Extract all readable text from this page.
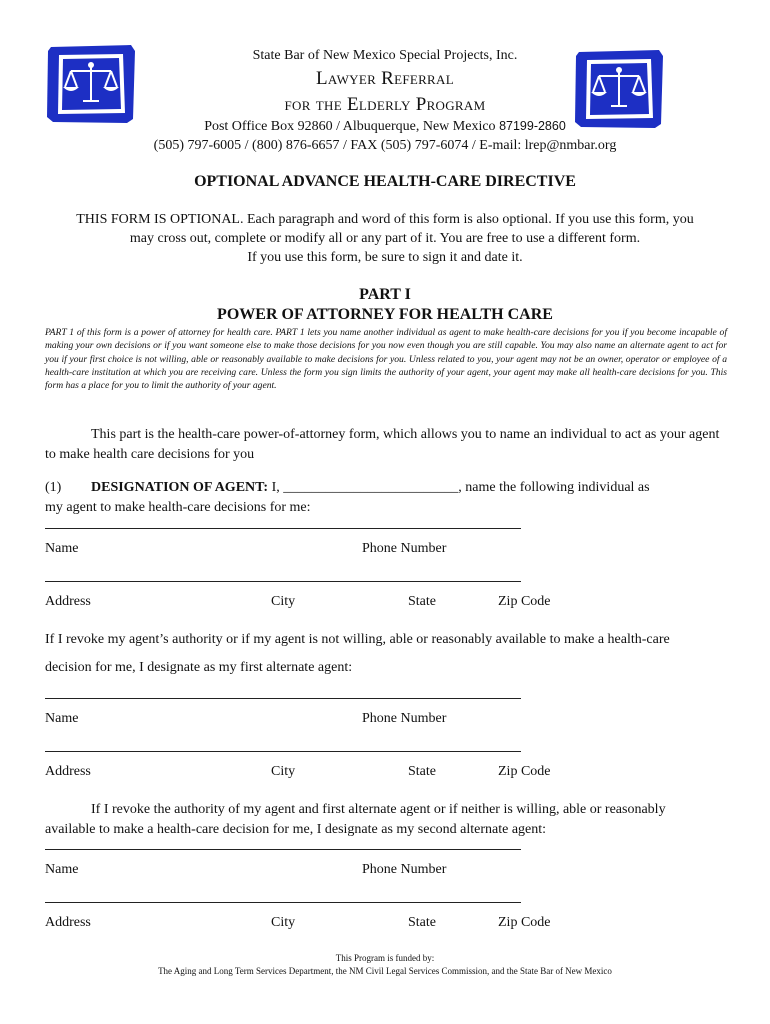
State Bar of New Mexico Special Projects, Inc.
Lawyer Referral
for the Elderly Program
Post Office Box 92860 / Albuquerque, New Mexico 87199-2860
(505) 797-6005 / (800) 876-6657 / FAX (505) 797-6074 / E-mail: lrep@nmbar.org
OPTIONAL ADVANCE HEALTH-CARE DIRECTIVE
THIS FORM IS OPTIONAL. Each paragraph and word of this form is also optional. If you use this form, you
may cross out, complete or modify all or any part of it. You are free to use a different form.
If you use this form, be sure to sign it and date it.
PART I
POWER OF ATTORNEY FOR HEALTH CARE
PART 1 of this form is a power of attorney for health care. PART 1 lets you name another individual as agent to make health-care decisions for you if you become incapable of making your own decisions or if you want someone else to make those decisions for you now even though you are still capable. You may also name an alternate agent to act for you if your first choice is not willing, able or reasonably available to make decisions for you. Unless related to you, your agent may not be an owner, operator or employee of a health-care institution at which you are receiving care. Unless the form you sign limits the authority of your agent, your agent may make all health-care decisions for you. This form has a place for you to limit the authority of your agent.
This part is the health-care power-of-attorney form, which allows you to name an individual to act as your agent to make health care decisions for you
(1) DESIGNATION OF AGENT: I, _________________________, name the following individual as
my agent to make health-care decisions for me:
Name	Phone Number
Address	City	State	Zip Code
If I revoke my agent’s authority or if my agent is not willing, able or reasonably available to make a health-care
decision for me, I designate as my first alternate agent:
Name	Phone Number
Address	City	State	Zip Code
If I revoke the authority of my agent and first alternate agent or if neither is willing, able or reasonably available to make a health-care decision for me, I designate as my second alternate agent:
Name	Phone Number
Address	City	State	Zip Code
This Program is funded by:
The Aging and Long Term Services Department, the NM Civil Legal Services Commission, and the State Bar of New Mexico
